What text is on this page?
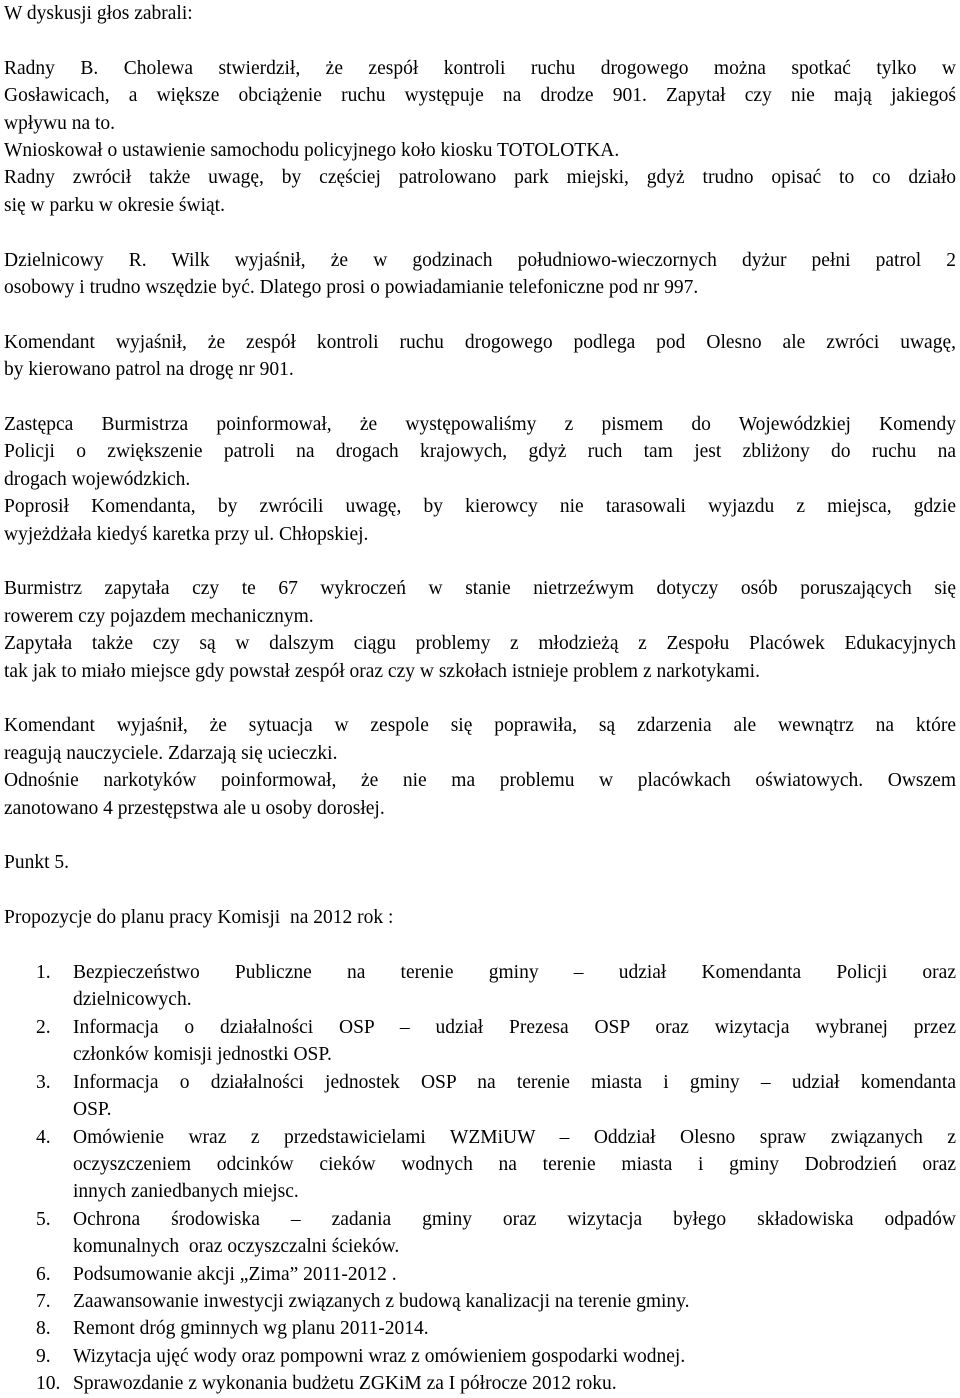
W dyskusji głos zabrali:
Radny B. Cholewa stwierdził, że zespół kontroli ruchu drogowego można spotkać tylko w
Gosławicach, a większe obciążenie ruchu występuje na drodze 901. Zapytał czy nie mają jakiegoś
wpływu na to.
Wnioskował o ustawienie samochodu policyjnego koło kiosku TOTOLOTKA.
Radny zwrócił także uwagę, by częściej patrolowano park miejski, gdyż trudno opisać to co działo
się w parku w okresie świąt.
Dzielnicowy R. Wilk wyjaśnił, że w godzinach południowo-wieczornych dyżur pełni patrol 2
osobowy i trudno wszędzie być. Dlatego prosi o powiadamianie telefoniczne pod nr 997.
Komendant wyjaśnił, że zespół kontroli ruchu drogowego podlega pod Olesno ale zwróci uwagę,
by kierowano patrol na drogę nr 901.
Zastępca Burmistrza poinformował, że występowaliśmy z pismem do Wojewódzkiej Komendy
Policji o zwiększenie patroli na drogach krajowych, gdyż ruch tam jest zbliżony do ruchu na
drogach wojewódzkich.
Poprosił Komendanta, by zwrócili uwagę, by kierowcy nie tarasowali wyjazdu z miejsca, gdzie
wyjeżdżała kiedyś karetka przy ul. Chłopskiej.
Burmistrz zapytała czy te 67 wykroczeń w stanie nietrzeźwym dotyczy osób poruszających się
rowerem czy pojazdem mechanicznym.
Zapytała także czy są w dalszym ciągu problemy z młodzieżą z Zespołu Placówek Edukacyjnych
tak jak to miało miejsce gdy powstał zespół oraz czy w szkołach istnieje problem z narkotykami.
Komendant wyjaśnił, że sytuacja w zespole się poprawiła, są zdarzenia ale wewnątrz na które
reagują nauczyciele. Zdarzają się ucieczki.
Odnośnie narkotyków poinformował, że nie ma problemu w placówkach oświatowych. Owszem
zanotowano 4 przestępstwa ale u osoby dorosłej.
Punkt 5.
Propozycje do planu pracy Komisji  na 2012 rok :
1. Bezpieczeństwo Publiczne na terenie gminy – udział Komendanta Policji oraz
dzielnicowych.
2. Informacja o działalności OSP – udział Prezesa OSP oraz wizytacja wybranej przez
członków komisji jednostki OSP.
3. Informacja o działalności jednostek OSP na terenie miasta i gminy – udział komendanta
OSP.
4. Omówienie wraz z przedstawicielami WZMiUW – Oddział Olesno spraw związanych z
oczyszczeniem odcinków cieków wodnych na terenie miasta i gminy Dobrodzień oraz
innych zaniedbanych miejsc.
5. Ochrona środowiska – zadania gminy oraz wizytacja byłego składowiska odpadów
komunalnych  oraz oczyszczalni ścieków.
6. Podsumowanie akcji „Zima” 2011-2012 .
7. Zaawansowanie inwestycji związanych z budową kanalizacji na terenie gminy.
8. Remont dróg gminnych wg planu 2011-2014.
9. Wizytacja ujęć wody oraz pompowni wraz z omówieniem gospodarki wodnej.
10. Sprawozdanie z wykonania budżetu ZGKiM za I półrocze 2012 roku.
